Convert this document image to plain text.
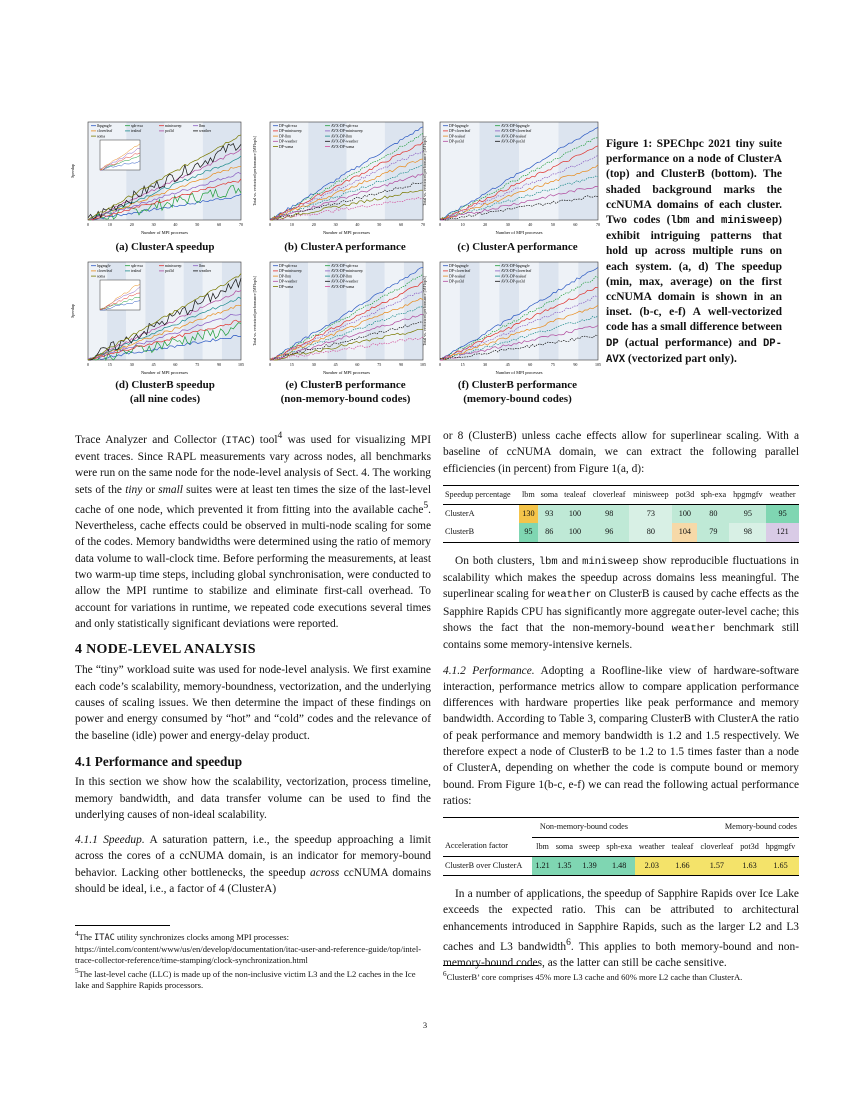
Number of MPI processes
Speedup
0	10	20	30	40	50	60	70
lbpgmgfv	sph-exa	minisweep	lbm
cloverleaf	tealeaf	pot3d	weather
soma
Number of MPI processes
Total vs. vectorized performance [MFlop/s]
0	10	20	30	40	50	60	70
DP-sph-exa	AVX-DP-sph-exa
DP-minisweep	AVX-DP-minisweep
DP-lbm	AVX-DP-lbm
DP-weather	AVX-DP-weather
DP-soma	AVX-DP-soma
Number of MPI processes
Total vs. vectorized performance [MFlop/s]
0	10	20	30	40	50	60	70
DP-hpgmgfv	AVX-DP-hpgmgfv
DP-cloverleaf	AVX-DP-cloverleaf
DP-tealeaf	AVX-DP-tealeaf
DP-pot3d	AVX-DP-pot3d
Number of MPI processes
Speedup
0	15	30	45	60	75	90	105
hpgmgfv	sph-exa	minisweep	lbm
cloverleaf	tealeaf	pot3d	weather
soma
Number of MPI processes
Total vs. vectorized performance [MFlop/s]
0	15	30	45	60	75	90	105
DP-sph-exa	AVX-DP-sph-exa
DP-minisweep	AVX-DP-minisweep
DP-lbm	AVX-DP-lbm
DP-weather	AVX-DP-weather
DP-soma	AVX-DP-soma
Number of MPI processes
Total vs. vectorized performance [MFlop/s]
0	15	30	45	60	75	90	105
DP-hpgmgfv	AVX-DP-hpgmgfv
DP-cloverleaf	AVX-DP-cloverleaf
DP-tealeaf	AVX-DP-tealeaf
DP-pot3d	AVX-DP-pot3d
(a) ClusterA speedup	(b) ClusterA performance	(c) ClusterA performance
(d) ClusterB speedup
(all nine codes)
(e) ClusterB performance
(non-memory-bound codes)
(f) ClusterB performance
(memory-bound codes)
Figure 1: SPEChpc 2021 tiny suite performance on a node of ClusterA (top) and ClusterB (bottom). The shaded background marks the ccNUMA domains of each cluster. Two codes (lbm and minisweep) exhibit intriguing patterns that hold up across multiple runs on each system. (a, d) The speedup (min, max, average) on the first ccNUMA domain is shown in an inset. (b-c, e-f) A well-vectorized code has a small difference between DP (actual performance) and DP-AVX (vectorized part only).

Trace Analyzer and Collector (ITAC) tool$^4$ was used for visualizing MPI event traces. Since RAPL measurements vary across nodes, all benchmarks were run on the same node for the node-level analysis of Sect. 4. The working sets of the tiny or small suites were at least ten times the size of the last-level cache of one node, which prevented it from fitting into the available cache$^5$. Nevertheless, cache effects could be observed in multi-node scaling for some of the codes. Memory bandwidths were determined using the ratio of memory data volume to wall-clock time. Before performing the measurements, at least two warm-up time steps, including global synchronisation, were conducted to allow the MPI runtime to stabilize and eliminate first-call overhead. To account for variations in runtime, we repeated code executions several times and only statistically significant deviations were reported.

4 NODE-LEVEL ANALYSIS

The “tiny” workload suite was used for node-level analysis. We first examine each code’s scalability, memory-boundness, vectorization, and the underlying causes of scaling issues. We then determine the impact of these findings on power and energy consumed by “hot” and “cold” codes and the relevance of the baseline (idle) power and energy-delay product.

4.1 Performance and speedup

In this section we show how the scalability, vectorization, process timeline, memory bandwidth, and data transfer volume can be used to find the underlying causes of non-ideal scalability.

4.1.1 Speedup. A saturation pattern, i.e., the speedup approaching a limit across the cores of a ccNUMA domain, is an indicator for memory-bound behavior. Lacking other bottlenecks, the speedup across ccNUMA domains should be ideal, i.e., a factor of 4 (ClusterA)

$^4$The ITAC utility synchronizes clocks among MPI processes: https://intel.com/content/www/us/en/develop/documentation/itac-user-and-reference-guide/top/intel-trace-collector-reference/time-stamping/clock-synchronization.html
$^5$The last-level cache (LLC) is made up of the non-inclusive victim L3 and the L2 caches in the Ice lake and Sapphire Rapids processors.

or 8 (ClusterB) unless cache effects allow for superlinear scaling. With a baseline of ccNUMA domain, we can extract the following parallel efficiencies (in percent) from Figure 1(a, d):

Speedup percentage	lbm	soma	tealeaf	cloverleaf	minisweep	pot3d	sph-exa	hpgmgfv	weather
ClusterA	130	93	100	98	73	100	80	95	95
ClusterB	95	86	100	96	80	104	79	98	121

On both clusters, lbm and minisweep show reproducible fluctuations in scalability which makes the speedup across domains less meaningful. The superlinear scaling for weather on ClusterB is caused by cache effects as the Sapphire Rapids CPU has significantly more aggregate outer-level cache; this shows the fact that the non-memory-bound weather benchmark still contains some memory-intensive kernels.

4.1.2 Performance. Adopting a Roofline-like view of hardware-software interaction, performance metrics allow to compare application performance differences with hardware properties like peak performance and memory bandwidth. According to Table 3, comparing ClusterB with ClusterA the ratio of peak performance and memory bandwidth is 1.2 and 1.5 respectively. We therefore expect a node of ClusterB to be 1.2 to 1.5 times faster than a node of ClusterA, depending on whether the code is compute bound or memory bound. From Figure 1(b-c, e-f) we can read the following actual performance ratios:

	Non-memory-bound codes				Memory-bound codes				
Acceleration factor	lbm	soma	sweep	sph-exa	weather	tealeaf	cloverleaf	pot3d	hpgmgfv
ClusterB over ClusterA	1.21	1.35	1.39	1.48	2.03	1.66	1.57	1.63	1.65

In a number of applications, the speedup of Sapphire Rapids over Ice Lake exceeds the expected ratio. This can be attributed to architectural enhancements introduced in Sapphire Rapids, such as the larger L2 and L3 caches and L3 bandwidth$^6$. This applies to both memory-bound and non-memory-bound codes, as the latter can still be cache sensitive.

$^6$ClusterB’ core comprises 45% more L3 cache and 60% more L2 cache than ClusterA.
3
